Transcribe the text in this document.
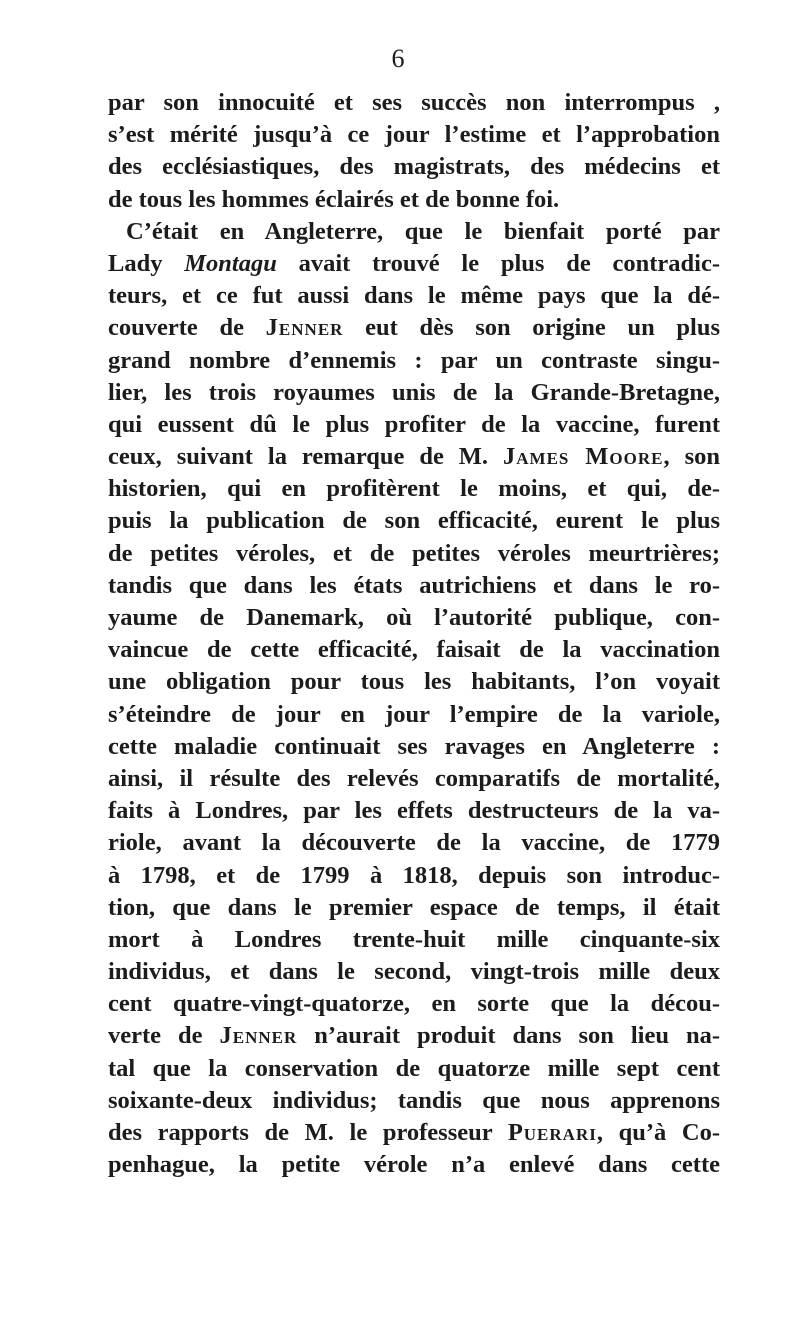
6
par son innocuité et ses succès non interrompus ,
s’est mérité jusqu’à ce jour l’estime et l’approbation
des ecclésiastiques, des magistrats, des médecins et
de tous les hommes éclairés et de bonne foi.
C’était en Angleterre, que le bienfait porté par
Lady Montagu avait trouvé le plus de contradic-
teurs, et ce fut aussi dans le même pays que la dé-
couverte de Jenner eut dès son origine un plus
grand nombre d’ennemis : par un contraste singu-
lier, les trois royaumes unis de la Grande-Bretagne,
qui eussent dû le plus profiter de la vaccine, furent
ceux, suivant la remarque de M. James Moore, son
historien, qui en profitèrent le moins, et qui, de-
puis la publication de son efficacité, eurent le plus
de petites véroles, et de petites véroles meurtrières;
tandis que dans les états autrichiens et dans le ro-
yaume de Danemark, où l’autorité publique, con-
vaincue de cette efficacité, faisait de la vaccination
une obligation pour tous les habitants, l’on voyait
s’éteindre de jour en jour l’empire de la variole,
cette maladie continuait ses ravages en Angleterre :
ainsi, il résulte des relevés comparatifs de mortalité,
faits à Londres, par les effets destructeurs de la va-
riole, avant la découverte de la vaccine, de 1779
à 1798, et de 1799 à 1818, depuis son introduc-
tion, que dans le premier espace de temps, il était
mort à Londres trente-huit mille cinquante-six
individus, et dans le second, vingt-trois mille deux
cent quatre-vingt-quatorze, en sorte que la décou-
verte de Jenner n’aurait produit dans son lieu na-
tal que la conservation de quatorze mille sept cent
soixante-deux individus; tandis que nous apprenons
des rapports de M. le professeur Puerari, qu’à Co-
penhague, la petite vérole n’a enlevé dans cette
